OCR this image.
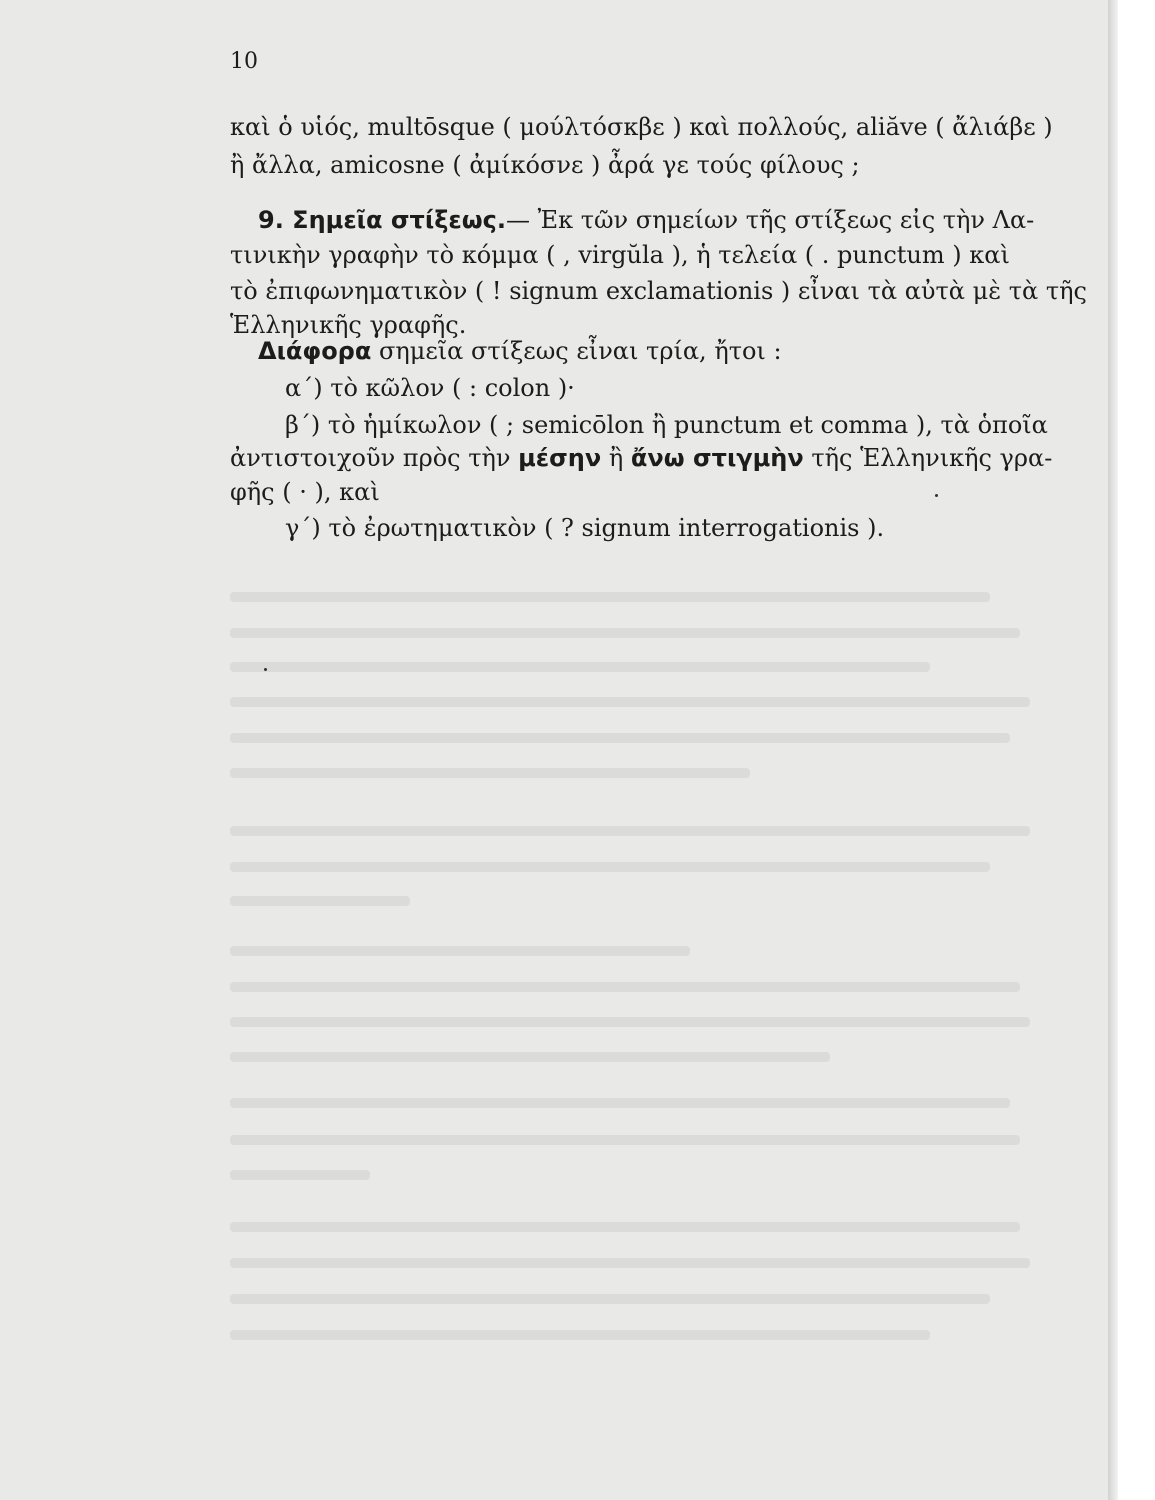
10
καὶ ὁ υἱός, multōsque ( μούλτόσκβε ) καὶ πολλούς, aliăve ( ἄλιάβε )
ἢ ἄλλα, amicosne ( ἀμίκόσνε ) ἆρά γε τούς φίλους ;
9. Σημεῖα στίξεως.— Ἐκ τῶν σημείων τῆς στίξεως εἰς τὴν Λα-
τινικὴν γραφὴν τὸ κόμμα ( , virgŭla ), ἡ τελεία ( . punctum ) καὶ
τὸ ἐπιφωνηματικὸν ( ! signum exclamationis ) εἶναι τὰ αὐτὰ μὲ τὰ τῆς
Ἑλληνικῆς γραφῆς.
Διάφορα σημεῖα στίξεως εἶναι τρία, ἤτοι :
α´) τὸ κῶλον ( : colon )·
β´) τὸ ἡμίκωλον ( ; semicōlon ἢ punctum et comma ), τὰ ὁποῖα
ἀντιστοιχοῦν πρὸς τὴν μέσην ἢ ἄνω στιγμὴν τῆς Ἑλληνικῆς γρα-
φῆς ( · ), καὶ
γ´) τὸ ἐρωτηματικὸν ( ? signum interrogationis ).
